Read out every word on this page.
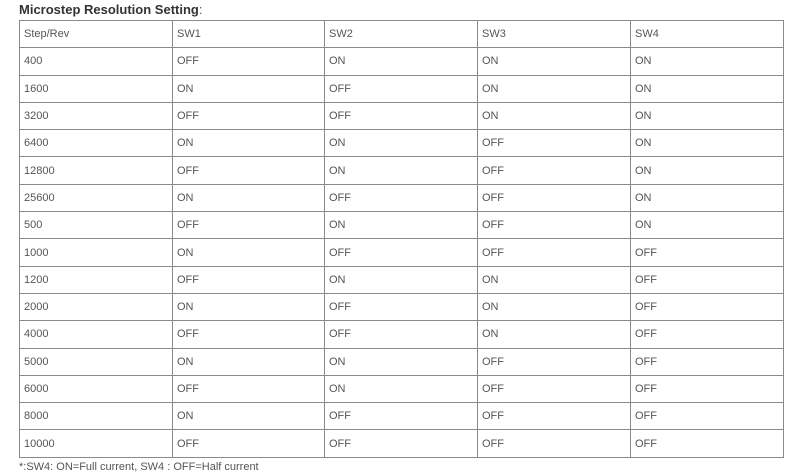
Microstep Resolution Setting:
Step/Rev	SW1	SW2	SW3	SW4
400	OFF	ON	ON	ON
1600	ON	OFF	ON	ON
3200	OFF	OFF	ON	ON
6400	ON	ON	OFF	ON
12800	OFF	ON	OFF	ON
25600	ON	OFF	OFF	ON
500	OFF	ON	OFF	ON
1000	ON	OFF	OFF	OFF
1200	OFF	ON	ON	OFF
2000	ON	OFF	ON	OFF
4000	OFF	OFF	ON	OFF
5000	ON	ON	OFF	OFF
6000	OFF	ON	OFF	OFF
8000	ON	OFF	OFF	OFF
10000	OFF	OFF	OFF	OFF
*:SW4: ON=Full current, SW4 : OFF=Half current
